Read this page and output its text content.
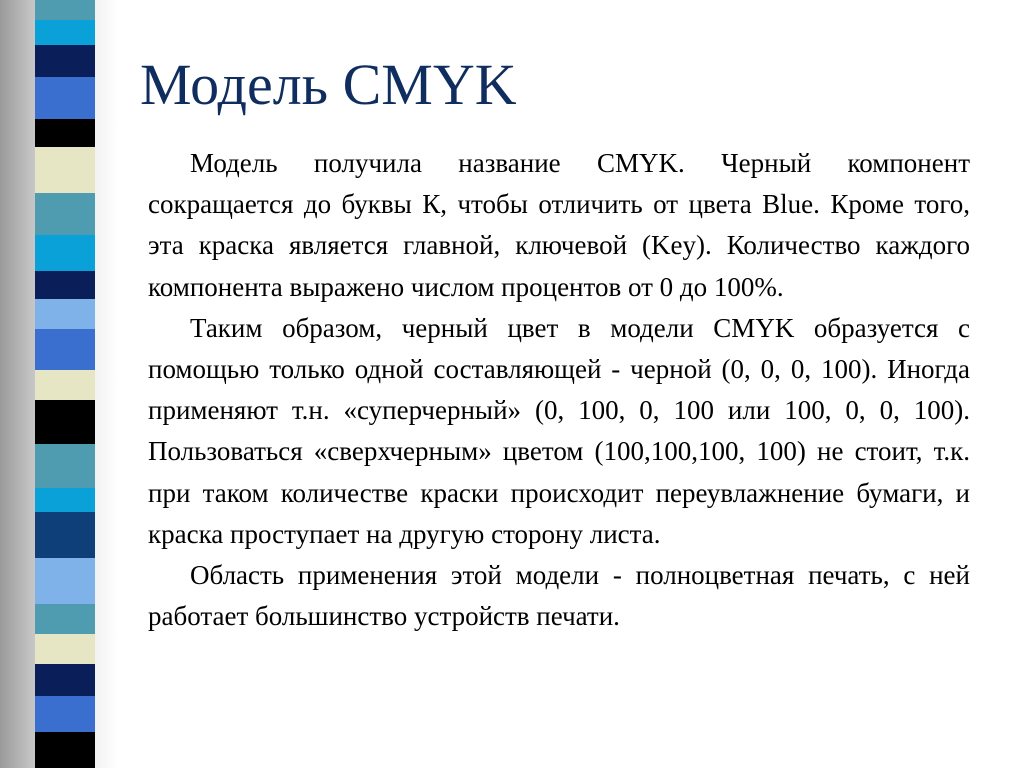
Модель CMYK

Модель получила название CMYK. Черный компонент сокращается до буквы К, чтобы отличить от цвета Blue. Кроме того, эта краска является главной, ключевой (Key). Количество каждого компонента выражено числом процентов от 0 до 100%.

Таким образом, черный цвет в модели CMYK образуется с помощью только одной составляющей - черной (0, 0, 0, 100). Иногда применяют т.н. «суперчерный» (0, 100, 0, 100 или 100, 0, 0, 100). Пользоваться «сверхчерным» цветом (100,100,100, 100) не стоит, т.к. при таком количестве краски происходит переувлажнение бумаги, и краска проступает на другую сторону листа.

Область применения этой модели - полноцветная печать, с ней работает большинство устройств печати.
